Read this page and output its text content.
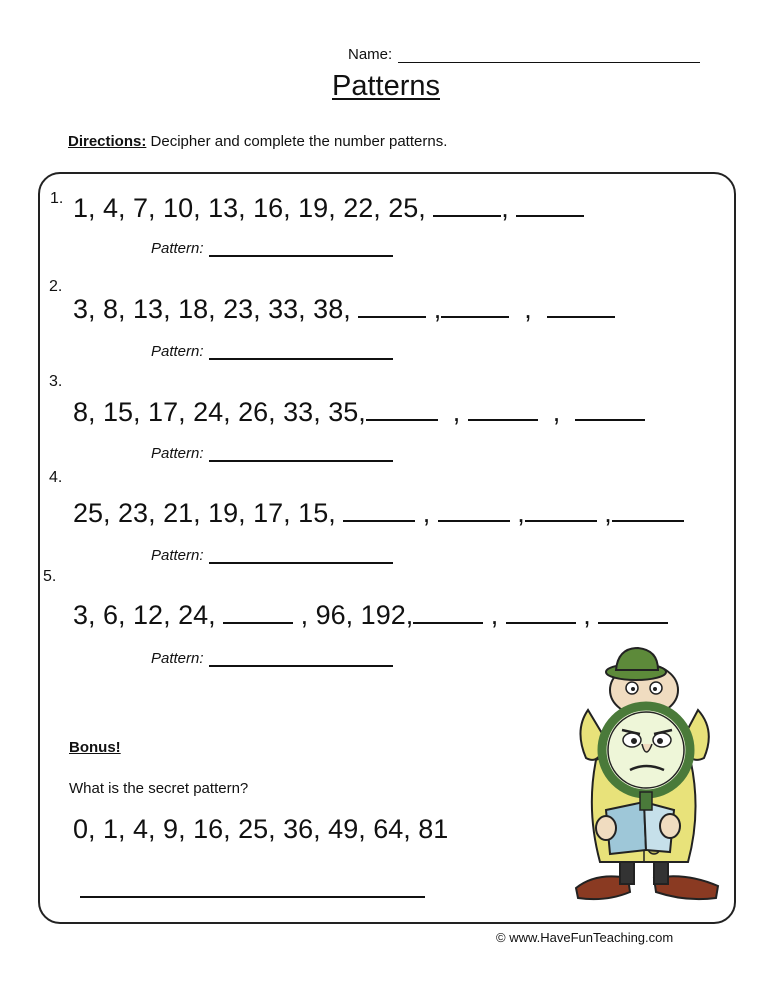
Name:
Patterns
Directions: Decipher and complete the number patterns.
1. 1, 4, 7, 10, 13, 16, 19, 22, 25,	,
Pattern:
2.
3, 8, 13, 18, 23, 33, 38,	,	,
Pattern:
3.
8, 15, 17, 24, 26, 33, 35,	,	,
Pattern:
4.
25, 23, 21, 19, 17, 15,	,	,	,
Pattern:
5.
3, 6, 12, 24,	, 96, 192,	,	,
Pattern:
Bonus!
What is the secret pattern?
0, 1, 4, 9, 16, 25, 36, 49, 64, 81
© www.HaveFunTeaching.com
